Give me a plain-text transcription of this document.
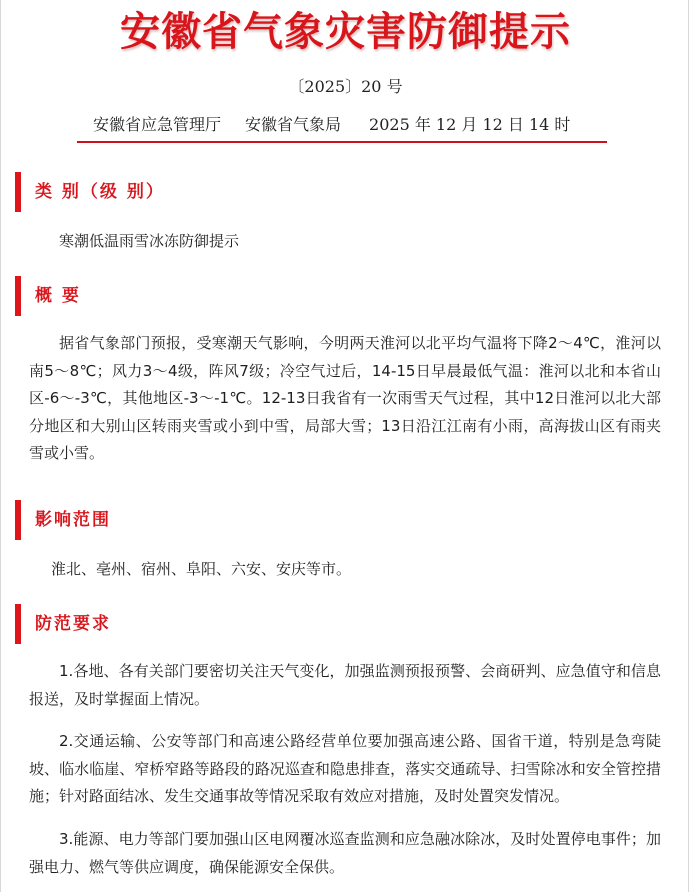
安徽省气象灾害防御提示
〔2025〕20 号
安徽省应急管理厅 安徽省气象局 2025 年 12 月 12 日 14 时
类 别（级 别）
寒潮低温雨雪冰冻防御提示
概 要
据省气象部门预报，受寒潮天气影响，今明两天淮河以北平均气温将下降2～4℃，淮河以南5～8℃；风力3～4级，阵风7级；冷空气过后，14-15日早晨最低气温：淮河以北和本省山区-6～-3℃，其他地区-3～-1℃。12-13日我省有一次雨雪天气过程，其中12日淮河以北大部分地区和大别山区转雨夹雪或小到中雪，局部大雪；13日沿江江南有小雨，高海拔山区有雨夹雪或小雪。
影响范围
淮北、亳州、宿州、阜阳、六安、安庆等市。
防范要求
1.各地、各有关部门要密切关注天气变化，加强监测预报预警、会商研判、应急值守和信息报送，及时掌握面上情况。
2.交通运输、公安等部门和高速公路经营单位要加强高速公路、国省干道，特别是急弯陡坡、临水临崖、窄桥窄路等路段的路况巡查和隐患排查，落实交通疏导、扫雪除冰和安全管控措施；针对路面结冰、发生交通事故等情况采取有效应对措施，及时处置突发情况。
3.能源、电力等部门要加强山区电网覆冰巡查监测和应急融冰除冰，及时处置停电事件；加强电力、燃气等供应调度，确保能源安全保供。
